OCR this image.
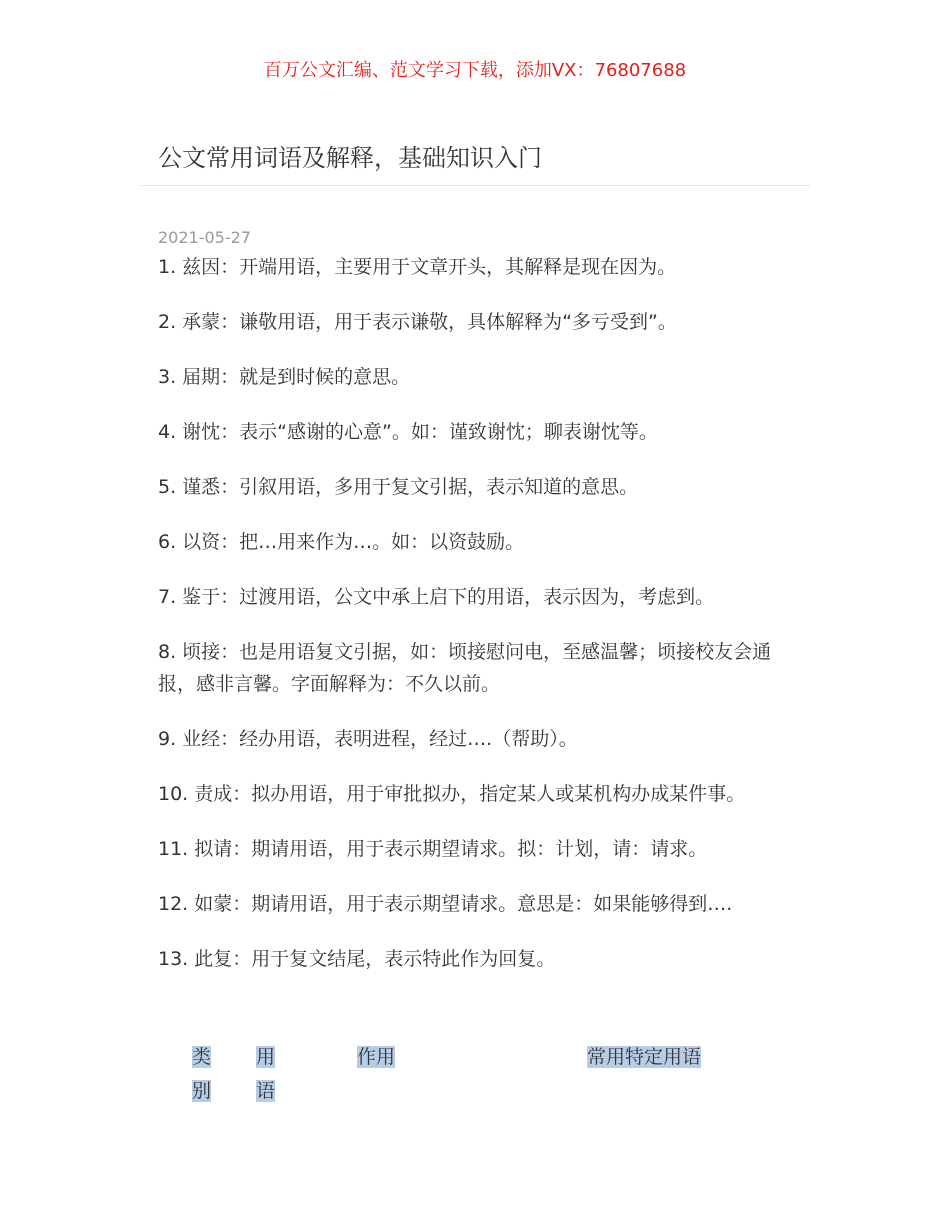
百万公文汇编、范文学习下载，添加VX：76807688
公文常用词语及解释，基础知识入门
2021-05-27

1. 兹因：开端用语，主要用于文章开头，其解释是现在因为。

2. 承蒙：谦敬用语，用于表示谦敬，具体解释为“多亏受到”。

3. 届期：就是到时候的意思。

4. 谢忱：表示“感谢的心意”。如：谨致谢忱；聊表谢忱等。

5. 谨悉：引叙用语，多用于复文引据，表示知道的意思。

6. 以资：把…用来作为…。如：以资鼓励。

7. 鉴于：过渡用语，公文中承上启下的用语，表示因为，考虑到。

8. 顷接：也是用语复文引据，如：顷接慰问电，至感温馨；顷接校友会通报，感非言馨。字面解释为：不久以前。

9. 业经：经办用语，表明进程，经过….（帮助）。

10. 责成：拟办用语，用于审批拟办，指定某人或某机构办成某件事。

11. 拟请：期请用语，用于表示期望请求。拟：计划，请：请求。

12. 如蒙：期请用语，用于表示期望请求。意思是：如果能够得到….

13. 此复：用于复文结尾，表示特此作为回复。

类别
用语
作用	常用特定用语
